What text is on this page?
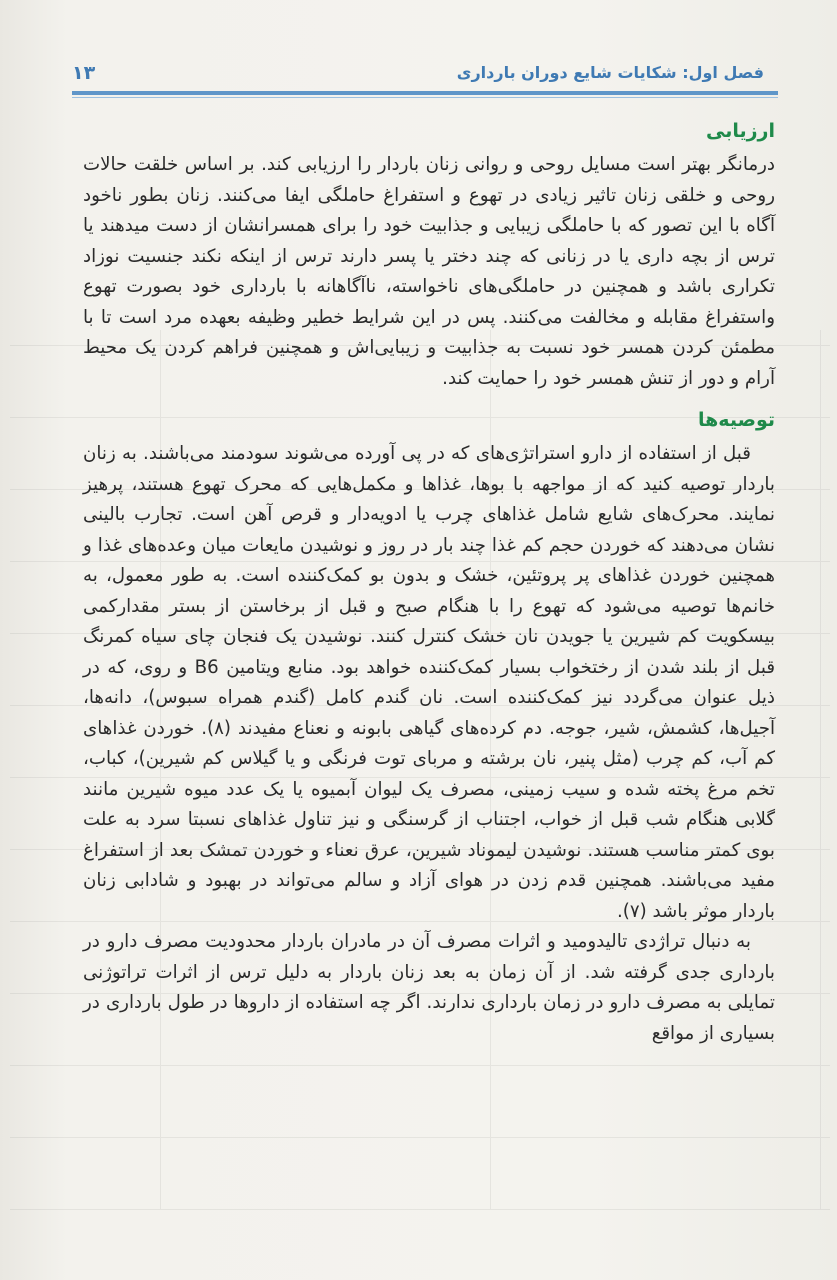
فصل اول: شکایات شایع دوران بارداری
۱۳
ارزیابی

درمانگر بهتر است مسایل روحی و روانی زنان باردار را ارزیابی کند. بر اساس خلقت حالات روحی و خلقی زنان تاثیر زیادی در تهوع و استفراغ حاملگی ایفا می‌کنند. زنان بطور ناخود آگاه با این تصور که با حاملگی زیبایی و جذابیت خود را برای همسرانشان از دست میدهند یا ترس از بچه داری یا در زنانی که چند دختر یا پسر دارند ترس از اینکه نکند جنسیت نوزاد تکراری باشد و همچنین در حاملگی‌های ناخواسته، ناآگاهانه با بارداری خود بصورت تهوع واستفراغ مقابله و مخالفت می‌کنند. پس در این شرایط خطیر وظیفه بعهده مرد است تا با مطمئن کردن همسر خود نسبت به جذابیت و زیبایی‌اش و همچنین فراهم کردن یک محیط آرام و دور از تنش همسر خود را حمایت کند.

توصیه‌ها

قبل از استفاده از دارو استراتژی‌های که در پی آورده می‌شوند سودمند می‌باشند. به زنان باردار توصیه کنید که از مواجهه با بوها، غذاها و مکمل‌هایی که محرک تهوع هستند، پرهیز نمایند. محرک‌های شایع شامل غذاهای چرب یا ادویه‌دار و قرص آهن است. تجارب بالینی نشان می‌دهند که خوردن حجم کم غذا چند بار در روز و نوشیدن مایعات میان وعده‌های غذا و همچنین خوردن غذاهای پر پروتئین، خشک و بدون بو کمک‌کننده است. به طور معمول، به خانم‌ها توصیه می‌شود که تهوع را با هنگام صبح و قبل از برخاستن از بستر مقدارکمی بیسکویت کم شیرین یا جویدن نان خشک کنترل کنند. نوشیدن یک فنجان چای سیاه کمرنگ قبل از بلند شدن از رختخواب بسیار کمک‌کننده خواهد بود. منابع ویتامین B6 و روی، که در ذیل عنوان می‌گردد نیز کمک‌کننده است. نان گندم کامل (گندم همراه سبوس)، دانه‌ها، آجیل‌ها، کشمش، شیر، جوجه. دم کرده‌های گیاهی بابونه و نعناع مفیدند (۸). خوردن غذاهای کم آب، کم چرب (مثل پنیر، نان برشته و مربای توت فرنگی و یا گیلاس کم شیرین)، کباب، تخم مرغ پخته شده و سیب زمینی، مصرف یک لیوان آبمیوه یا یک عدد میوه شیرین مانند گلابی هنگام شب قبل از خواب، اجتناب از گرسنگی و نیز تناول غذاهای نسبتا سرد به علت بوی کمتر مناسب هستند. نوشیدن لیموناد شیرین، عرق نعناء و خوردن تمشک بعد از استفراغ مفید می‌باشند. همچنین قدم زدن در هوای آزاد و سالم می‌تواند در بهبود و شادابی زنان باردار موثر باشد (۷).

به دنبال تراژدی تالیدومید و اثرات مصرف آن در مادران باردار محدودیت مصرف دارو در بارداری جدی گرفته شد. از آن زمان به بعد زنان باردار به دلیل ترس از اثرات تراتوژنی تمایلی به مصرف دارو در زمان بارداری ندارند. اگر چه استفاده از داروها در طول بارداری در بسیاری از مواقع
